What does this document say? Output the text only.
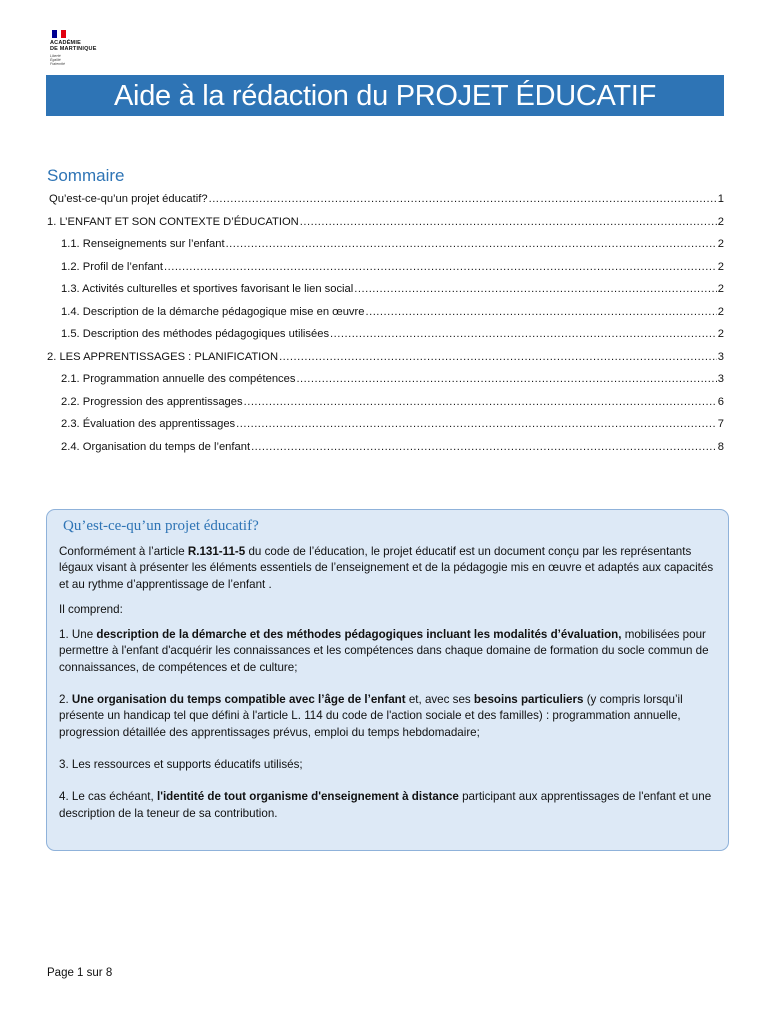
ACADÉMIE
DE MARTINIQUE
Liberté
Égalité
Fraternité
Aide à la rédaction du PROJET ÉDUCATIF
Sommaire
Qu’est-ce-qu’un projet éducatif? .....	1
1. L’ENFANT ET SON CONTEXTE D’ÉDUCATION .....	2
1.1. Renseignements sur l’enfant .....	2
1.2. Profil de l’enfant .....	2
1.3. Activités culturelles et sportives favorisant le lien social .....	2
1.4. Description de la démarche pédagogique mise en œuvre .....	2
1.5. Description des méthodes pédagogiques utilisées .....	2
2. LES APPRENTISSAGES : PLANIFICATION .....	3
2.1. Programmation annuelle des compétences .....	3
2.2. Progression des apprentissages .....	6
2.3. Évaluation des apprentissages .....	7
2.4. Organisation du temps de l’enfant .....	8
Qu’est-ce-qu’un projet éducatif?

Conformément à l’article R.131-11-5 du code de l’éducation, le projet éducatif est un document conçu par les représentants légaux visant à présenter les éléments essentiels de l’enseignement et de la pédagogie mis en œuvre et adaptés aux capacités et au rythme d’apprentissage de l’enfant .

Il comprend:

1. Une description de la démarche et des méthodes pédagogiques incluant les modalités d’évaluation, mobilisées pour permettre à l'enfant d'acquérir les connaissances et les compétences dans chaque domaine de formation du socle commun de connaissances, de compétences et de culture;

2. Une organisation du temps compatible avec l’âge de l’enfant et, avec ses besoins particuliers (y compris lorsqu’il présente un handicap tel que défini à l'article L. 114 du code de l'action sociale et des familles) : programmation annuelle, progression détaillée des apprentissages prévus, emploi du temps hebdomadaire;

3. Les ressources et supports éducatifs utilisés;

4. Le cas échéant, l'identité de tout organisme d'enseignement à distance participant aux apprentissages de l'enfant et une description de la teneur de sa contribution.

Page 1 sur 8
